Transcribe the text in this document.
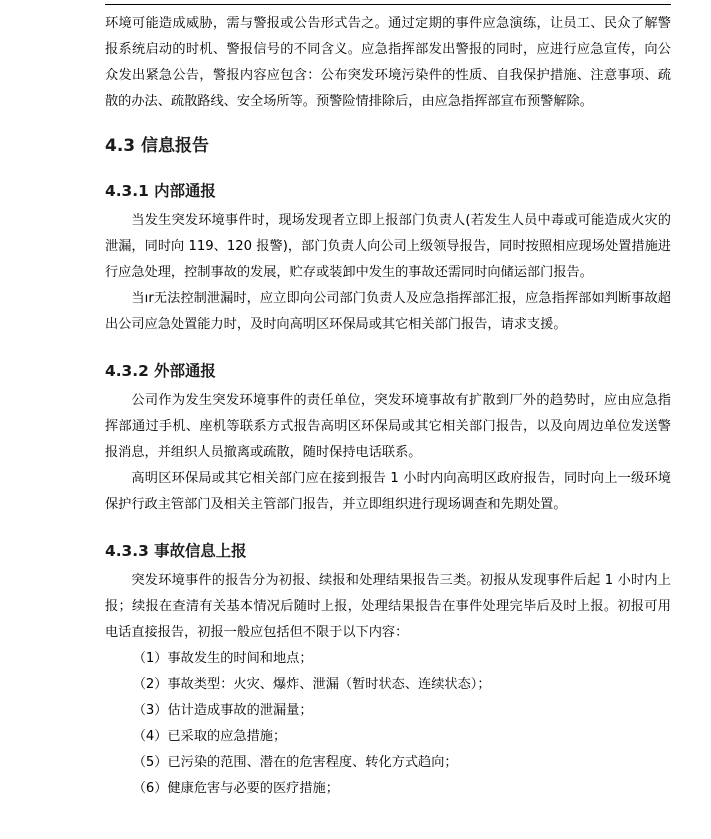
环境可能造成威胁，需与警报或公告形式告之。通过定期的事件应急演练，让员工、民众了解警报系统启动的时机、警报信号的不同含义。应急指挥部发出警报的同时，应进行应急宣传，向公众发出紧急公告，警报内容应包含：公布突发环境污染件的性质、自我保护措施、注意事项、疏散的办法、疏散路线、安全场所等。预警险情排除后，由应急指挥部宣布预警解除。

4.3 信息报告
4.3.1 内部通报

当发生突发环境事件时，现场发现者立即上报部门负责人(若发生人员中毒或可能造成火灾的泄漏，同时向 119、120 报警)，部门负责人向公司上级领导报告，同时按照相应现场处置措施进行应急处理，控制事故的发展，贮存或装卸中发生的事故还需同时向储运部门报告。

当ır无法控制泄漏时，应立即向公司部门负责人及应急指挥部汇报，应急指挥部如判断事故超出公司应急处置能力时，及时向高明区环保局或其它相关部门报告，请求支援。

4.3.2 外部通报

公司作为发生突发环境事件的责任单位，突发环境事故有扩散到厂外的趋势时，应由应急指挥部通过手机、座机等联系方式报告高明区环保局或其它相关部门报告，以及向周边单位发送警报消息，并组织人员撤离或疏散，随时保持电话联系。

高明区环保局或其它相关部门应在接到报告 1 小时内向高明区政府报告，同时向上一级环境保护行政主管部门及相关主管部门报告，并立即组织进行现场调查和先期处置。

4.3.3 事故信息上报

突发环境事件的报告分为初报、续报和处理结果报告三类。初报从发现事件后起 1 小时内上报；续报在查清有关基本情况后随时上报，处理结果报告在事件处理完毕后及时上报。初报可用电话直接报告，初报一般应包括但不限于以下内容：

（1）事故发生的时间和地点；
（2）事故类型：火灾、爆炸、泄漏（暂时状态、连续状态）；
（3）估计造成事故的泄漏量；
（4）已采取的应急措施；
（5）已污染的范围、潜在的危害程度、转化方式趋向；
（6）健康危害与必要的医疗措施；
